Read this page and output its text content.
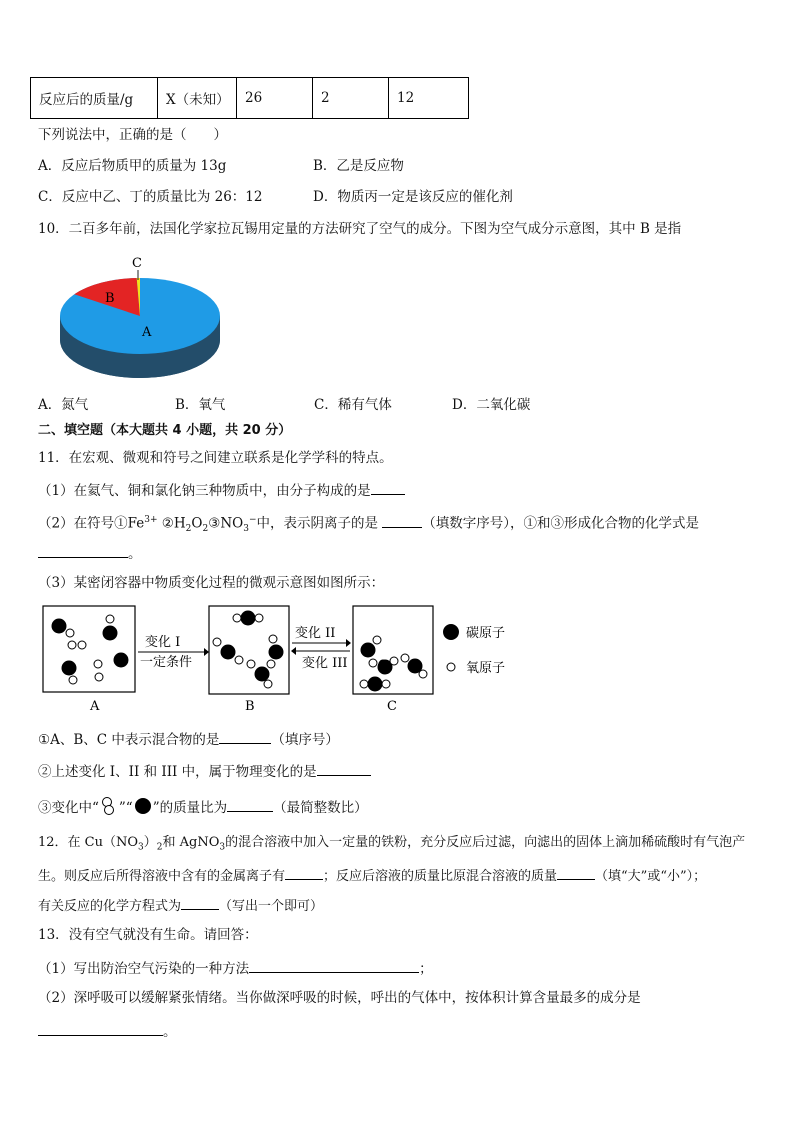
反应后的质量/g	X（未知）	26	2	12
下列说法中，正确的是（　　）
A．反应后物质甲的质量为 13g	B．乙是反应物
C．反应中乙、丁的质量比为 26：12	D．物质丙一定是该反应的催化剂
10．二百多年前，法国化学家拉瓦锡用定量的方法研究了空气的成分。下图为空气成分示意图，其中 B 是指
C
B
A
A．氮气	B．氧气	C．稀有气体	D．二氧化碳
二、填空题（本大题共 4 小题，共 20 分）
11．在宏观、微观和符号之间建立联系是化学学科的特点。
（1）在氦气、铜和氯化钠三种物质中，由分子构成的是
（2）在符号$①Fe^{3+}$ $②H_2O_2③NO_3^-$中，表示阴离子的是	（填数字序号），①和③形成化合物的化学式是
。
（3）某密闭容器中物质变化过程的微观示意图如图所示：
变化 I
一定条件
变化 II
变化 III
A	B	C
碳原子
氧原子
①A、B、C 中表示混合物的是	（填序号）
②上述变化 I、II 和 III 中，属于物理变化的是
③变化中“ ”“ ”的质量比为	（最简整数比）
12．在 $Cu(NO_3)_2$和 AgNO$_3$的混合溶液中加入一定量的铁粉，充分反应后过滤，向滤出的固体上滴加稀硫酸时有气泡产
生。则反应后所得溶液中含有的金属离子有	；反应后溶液的质量比原混合溶液的质量	（填“大”或“小”）；
有关反应的化学方程式为	（写出一个即可）
13．没有空气就没有生命。请回答：
（1）写出防治空气污染的一种方法	；
（2）深呼吸可以缓解紧张情绪。当你做深呼吸的时候，呼出的气体中，按体积计算含量最多的成分是
。
